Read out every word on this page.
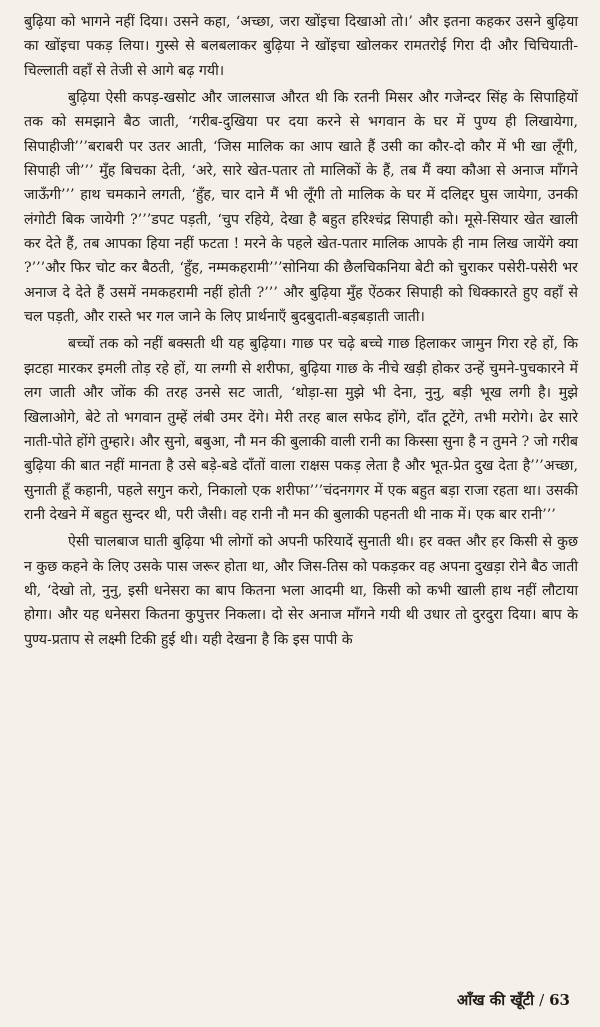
बुढ़िया को भागने नहीं दिया। उसने कहा, ‘अच्छा, जरा खोंइचा दिखाओ तो।’ और इतना कहकर उसने बुढ़िया का खोंइचा पकड़ लिया। गुस्से से बलबलाकर बुढ़िया ने खोंइचा खोलकर रामतरोई गिरा दी और चिचियाती-चिल्लाती वहाँ से तेजी से आगे बढ़ गयी।

बुढ़िया ऐसी कपड़-खसोट और जालसाज औरत थी कि रतनी मिसर और गजेन्दर सिंह के सिपाहियों तक को समझाने बैठ जाती, ‘गरीब-दुखिया पर दया करने से भगवान के घर में पुण्य ही लिखायेगा, सिपाहीजी’’’बराबरी पर उतर आती, ‘जिस मालिक का आप खाते हैं उसी का कौर-दो कौर में भी खा लूँगी, सिपाही जी’’’ मुँह बिचका देती, ‘अरे, सारे खेत-पतार तो मालिकों के हैं, तब मैं क्या कौआ से अनाज माँगने जाऊँगी’’’ हाथ चमकाने लगती, ‘हुँह, चार दाने मैं भी लूँगी तो मालिक के घर में दलिद्दर घुस जायेगा, उनकी लंगोटी बिक जायेगी ?’’’डपट पड़ती, ‘चुप रहिये, देखा है बहुत हरिश्चंद्र सिपाही को। मूसे-सियार खेत खाली कर देते हैं, तब आपका हिया नहीं फटता ! मरने के पहले खेत-पतार मालिक आपके ही नाम लिख जायेंगे क्या ?’’’और फिर चोट कर बैठती, ‘हुँह, नम्मकहरामी’’’सोनिया की छैलचिकनिया बेटी को चुराकर पसेरी-पसेरी भर अनाज दे देते हैं उसमें नमकहरामी नहीं होती ?’’’ और बुढ़िया मुँह ऐंठकर सिपाही को धिक्कारते हुए वहाँ से चल पड़ती, और रास्ते भर गल जाने के लिए प्रार्थनाएँ बुदबुदाती-बड़बड़ाती जाती।

बच्चों तक को नहीं बक्सती थी यह बुढ़िया। गाछ पर चढ़े बच्चे गाछ हिलाकर जामुन गिरा रहे हों, कि झटहा मारकर इमली तोड़ रहे हों, या लग्गी से शरीफा, बुढ़िया गाछ के नीचे खड़ी होकर उन्हें चुमने-पुचकारने में लग जाती और जोंक की तरह उनसे सट जाती, ‘थोड़ा-सा मुझे भी देना, नुनु, बड़ी भूख लगी है। मुझे खिलाओगे, बेटे तो भगवान तुम्हें लंबी उमर देंगे। मेरी तरह बाल सफेद होंगे, दाँत टूटेंगे, तभी मरोगे। ढेर सारे नाती-पोते होंगे तुम्हारे। और सुनो, बबुआ, नौ मन की बुलाकी वाली रानी का किस्सा सुना है न तुमने ? जो गरीब बुढ़िया की बात नहीं मानता है उसे बड़े-बडे दाँतों वाला राक्षस पकड़ लेता है और भूत-प्रेत दुख देता है’’’अच्छा, सुनाती हूँ कहानी, पहले सगुन करो, निकालो एक शरीफा’’’चंदनगगर में एक बहुत बड़ा राजा रहता था। उसकी रानी देखने में बहुत सुन्दर थी, परी जैसी। वह रानी नौ मन की बुलाकी पहनती थी नाक में। एक बार रानी’’’

ऐसी चालबाज घाती बुढ़िया भी लोगों को अपनी फरियादें सुनाती थी। हर वक्त और हर किसी से कुछ न कुछ कहने के लिए उसके पास जरूर होता था, और जिस-तिस को पकड़कर वह अपना दुखड़ा रोने बैठ जाती थी, ‘देखो तो, नुनु, इसी धनेसरा का बाप कितना भला आदमी था, किसी को कभी खाली हाथ नहीं लौटाया होगा। और यह धनेसरा कितना कुपुत्तर निकला। दो सेर अनाज माँगने गयी थी उधार तो दुरदुरा दिया। बाप के पुण्य-प्रताप से लक्ष्मी टिकी हुई थी। यही देखना है कि इस पापी के

आँख की खूँटी / 63
